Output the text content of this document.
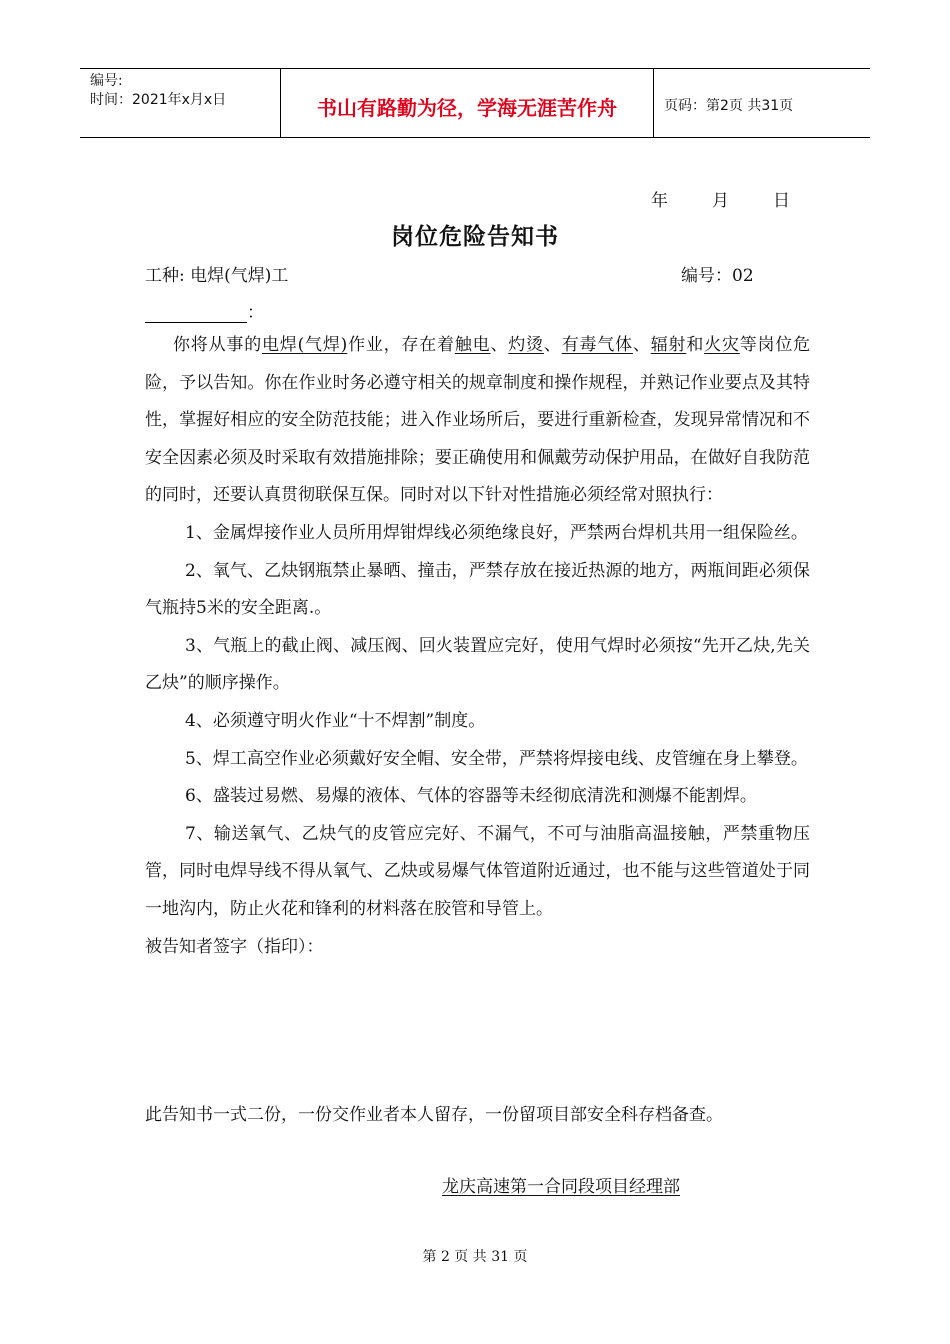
编号:
时间：2021年x月x日	书山有路勤为径，学海无涯苦作舟	页码：第2页 共31页
年	月	日
岗位危险告知书
工种: 电焊(气焊)工	编号：02
：

你将从事的电焊(气焊)作业，存在着触电、灼烫、有毒气体、辐射和火灾等岗位危险，予以告知。你在作业时务必遵守相关的规章制度和操作规程，并熟记作业要点及其特性，掌握好相应的安全防范技能；进入作业场所后，要进行重新检查，发现异常情况和不安全因素必须及时采取有效措施排除；要正确使用和佩戴劳动保护用品，在做好自我防范的同时，还要认真贯彻联保互保。同时对以下针对性措施必须经常对照执行：

1、金属焊接作业人员所用焊钳焊线必须绝缘良好，严禁两台焊机共用一组保险丝。

2、氧气、乙炔钢瓶禁止暴晒、撞击，严禁存放在接近热源的地方，两瓶间距必须保气瓶持5米的安全距离.。

3、气瓶上的截止阀、减压阀、回火装置应完好，使用气焊时必须按“先开乙炔,先关乙炔”的顺序操作。

4、必须遵守明火作业“十不焊割”制度。

5、焊工高空作业必须戴好安全帽、安全带，严禁将焊接电线、皮管缠在身上攀登。

6、盛装过易燃、易爆的液体、气体的容器等未经彻底清洗和测爆不能割焊。

7、输送氧气、乙炔气的皮管应完好、不漏气，不可与油脂高温接触，严禁重物压管，同时电焊导线不得从氧气、乙炔或易爆气体管道附近通过，也不能与这些管道处于同一地沟内，防止火花和锋利的材料落在胶管和导管上。

被告知者签字（指印）：

此告知书一式二份，一份交作业者本人留存，一份留项目部安全科存档备查。
龙庆高速第一合同段项目经理部
第 2 页 共 31 页
